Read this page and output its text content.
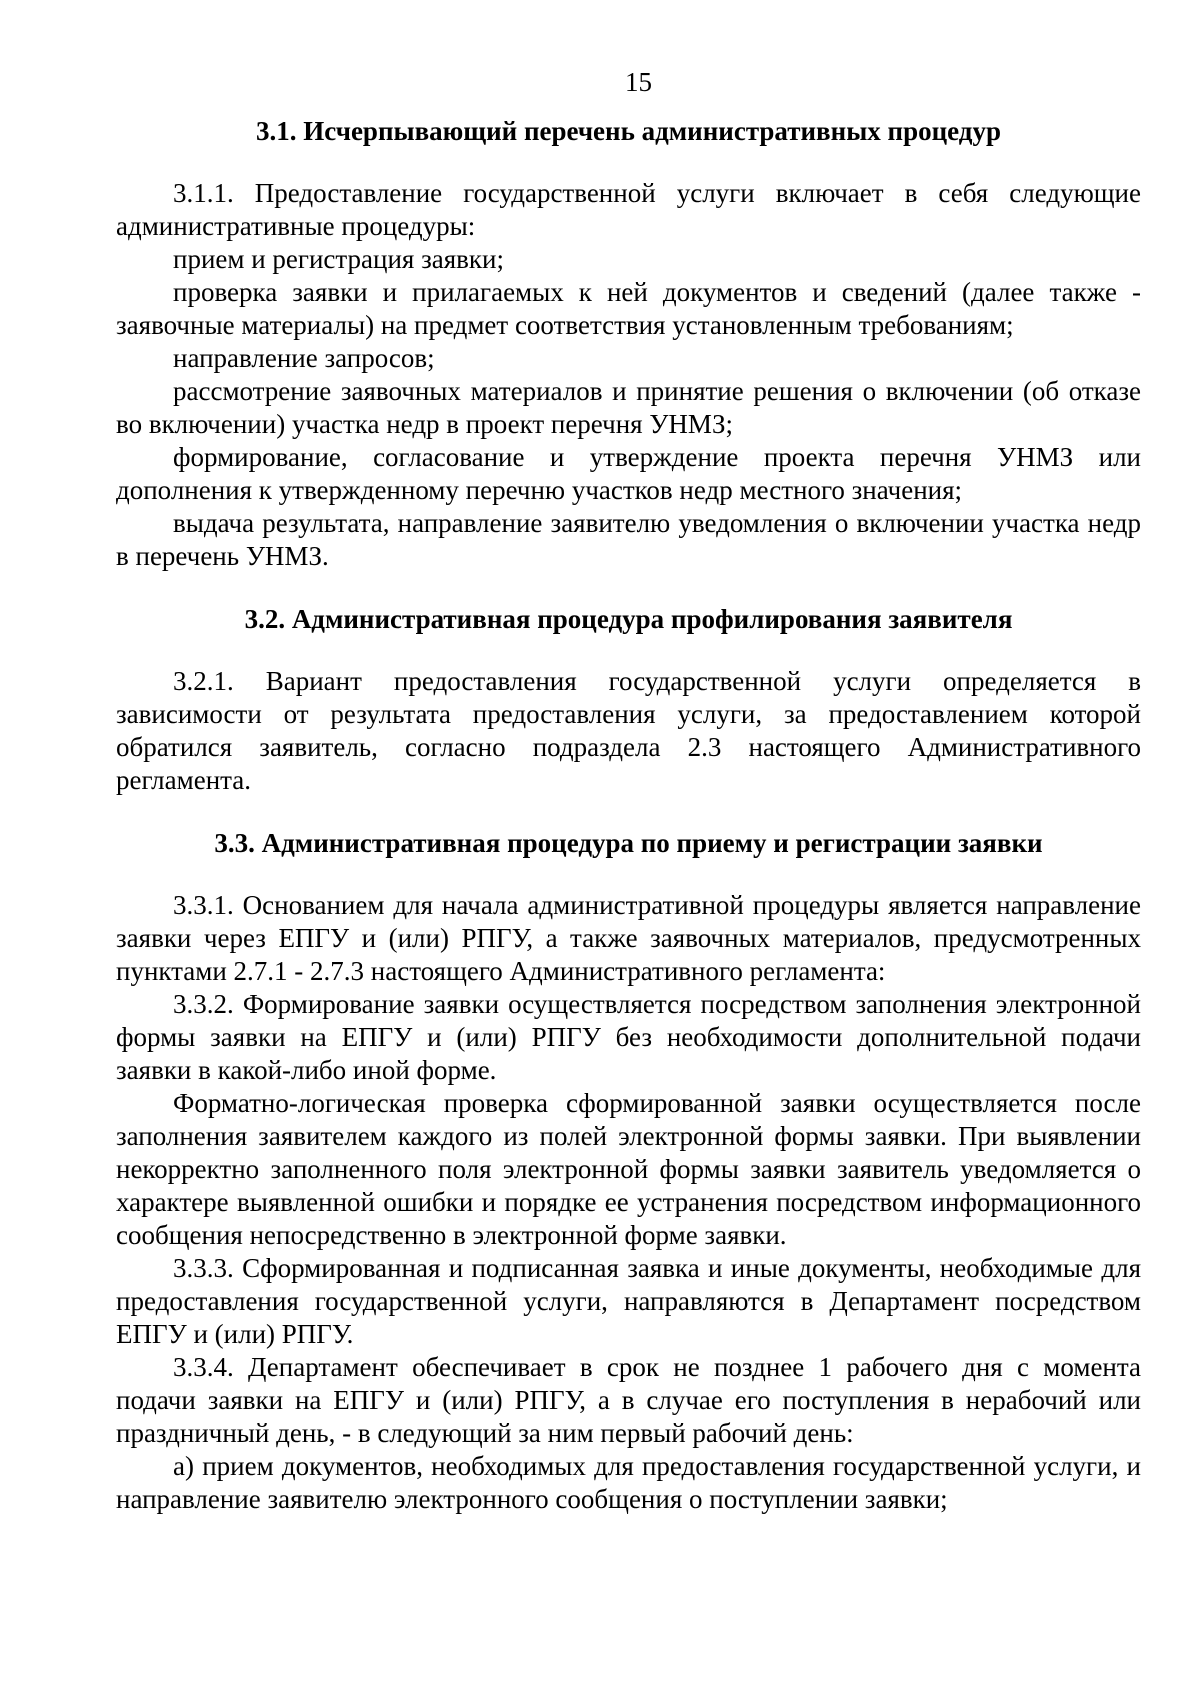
15
3.1. Исчерпывающий перечень административных процедур

3.1.1. Предоставление государственной услуги включает в себя следующие административные процедуры:

прием и регистрация заявки;

проверка заявки и прилагаемых к ней документов и сведений (далее также - заявочные материалы) на предмет соответствия установленным требованиям;

направление запросов;

рассмотрение заявочных материалов и принятие решения о включении (об отказе во включении) участка недр в проект перечня УНМЗ;

формирование, согласование и утверждение проекта перечня УНМЗ или дополнения к утвержденному перечню участков недр местного значения;

выдача результата, направление заявителю уведомления о включении участка недр в перечень УНМЗ.

3.2. Административная процедура профилирования заявителя

3.2.1. Вариант предоставления государственной услуги определяется в зависимости от результата предоставления услуги, за предоставлением которой обратился заявитель, согласно подраздела 2.3 настоящего Административного регламента.

3.3. Административная процедура по приему и регистрации заявки

3.3.1. Основанием для начала административной процедуры является направление заявки через ЕПГУ и (или) РПГУ, а также заявочных материалов, предусмотренных пунктами 2.7.1 - 2.7.3 настоящего Административного регламента:

3.3.2. Формирование заявки осуществляется посредством заполнения электронной формы заявки на ЕПГУ и (или) РПГУ без необходимости дополнительной подачи заявки в какой-либо иной форме.

Форматно-логическая проверка сформированной заявки осуществляется после заполнения заявителем каждого из полей электронной формы заявки. При выявлении некорректно заполненного поля электронной формы заявки заявитель уведомляется о характере выявленной ошибки и порядке ее устранения посредством информационного сообщения непосредственно в электронной форме заявки.

3.3.3. Сформированная и подписанная заявка и иные документы, необходимые для предоставления государственной услуги, направляются в Департамент посредством ЕПГУ и (или) РПГУ.

3.3.4. Департамент обеспечивает в срок не позднее 1 рабочего дня с момента подачи заявки на ЕПГУ и (или) РПГУ, а в случае его поступления в нерабочий или праздничный день, - в следующий за ним первый рабочий день:

а) прием документов, необходимых для предоставления государственной услуги, и направление заявителю электронного сообщения о поступлении заявки;
